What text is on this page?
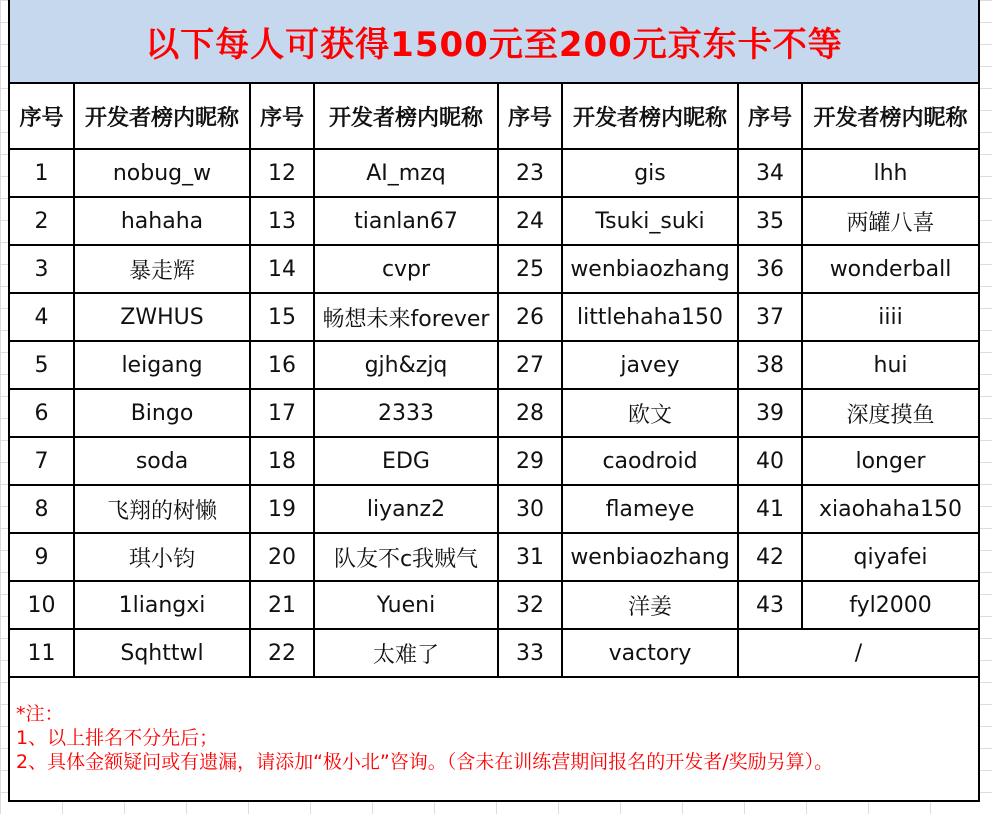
以下每人可获得1500元至200元京东卡不等
序号	开发者榜内昵称	序号	开发者榜内昵称	序号	开发者榜内昵称	序号	开发者榜内昵称
1	nobug_w	12	AI_mzq	23	gis	34	lhh
2	hahaha	13	tianlan67	24	Tsuki_suki	35	两罐八喜
3	暴走辉	14	cvpr	25	wenbiaozhang	36	wonderball
4	ZWHUS	15	畅想未来forever	26	littlehaha150	37	iiii
5	leigang	16	gjh&zjq	27	javey	38	hui
6	Bingo	17	2333	28	欧文	39	深度摸鱼
7	soda	18	EDG	29	caodroid	40	longer
8	飞翔的树懒	19	liyanz2	30	flameye	41	xiaohaha150
9	琪小钧	20	队友不c我贼气	31	wenbiaozhang	42	qiyafei
10	1liangxi	21	Yueni	32	洋姜	43	fyl2000
11	Sqhttwl	22	太难了	33	vactory	/	
*注：
1、以上排名不分先后；
2、具体金额疑问或有遗漏，请添加“极小北”咨询。（含未在训练营期间报名的开发者/奖励另算）。
